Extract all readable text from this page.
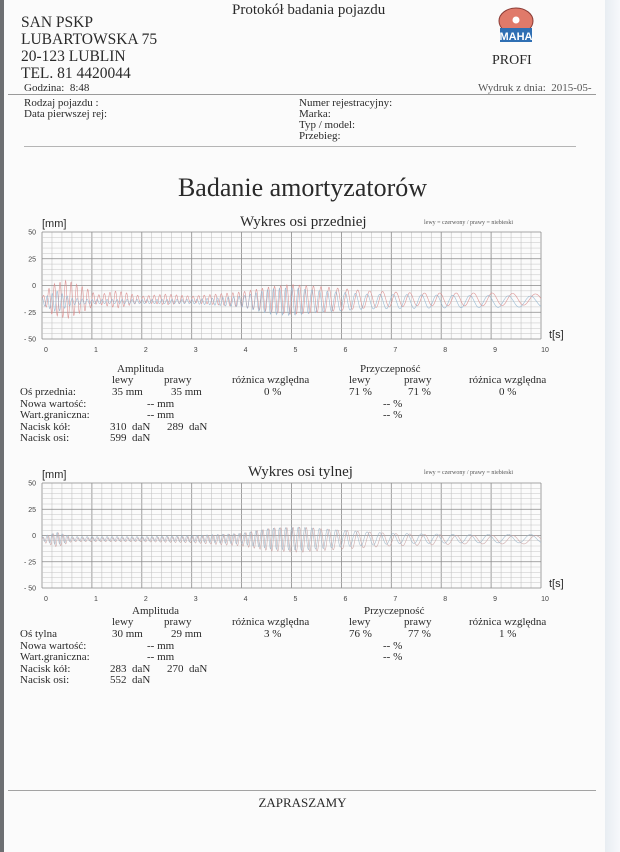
Protokół badania pojazdu
SAN PSKP
LUBARTOWSKA 75
20-123 LUBLIN
TEL. 81 4420044
Godzina: 8:48
MAHA
PROFI
Wydruk z dnia: 2015-05-
Rodzaj pojazdu :
Data pierwszej rej:
Numer rejestracyjny:
Marka:
Typ / model:
Przebieg:
Badanie amortyzatorów
Wykres osi przedniej	lewy = czerwony / prawy = niebieski
[mm]
t[s]
50
25
0
- 25
- 50
0	1	2	3	4	5	6	7	8	9	10
Amplituda	Przyczepność
lewy	prawy	różnica względna	lewy	prawy	różnica względna
Oś przednia:	35 mm	35 mm	0 %	71 %	71 %	0 %
Nowa wartość:	-- mm	-- %
Wart.graniczna:	-- mm	-- %
Nacisk kół:	310  daN 289  daN
Nacisk osi:	599  daN
Wykres osi tylnej	lewy = czerwony / prawy = niebieski
[mm]
t[s]
50
25
0
- 25
- 50
0	1	2	3	4	5	6	7	8	9	10
Amplituda	Przyczepność
lewy	prawy	różnica względna	lewy	prawy	różnica względna
Oś tylna	30 mm	29 mm	3 %	76 %	77 %	1 %
Nowa wartość:	-- mm	-- %
Wart.graniczna:	-- mm	-- %
Nacisk kół:	283  daN 270  daN
Nacisk osi:	552  daN
ZAPRASZAMY
